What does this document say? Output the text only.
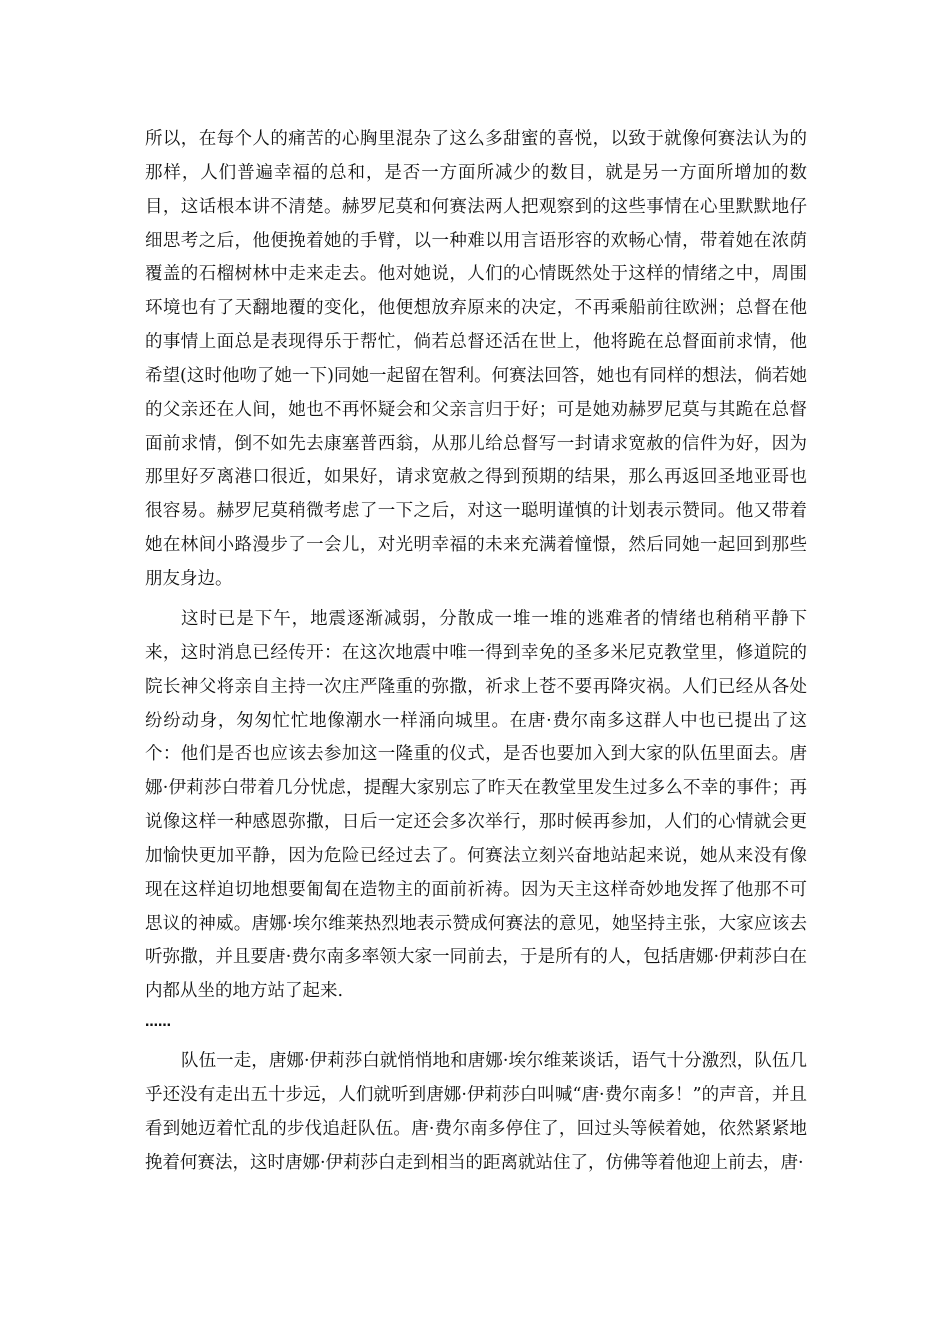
所以，在每个人的痛苦的心胸里混杂了这么多甜蜜的喜悦，以致于就像何赛法认为的那样，人们普遍幸福的总和，是否一方面所减少的数目，就是另一方面所增加的数目，这话根本讲不清楚。赫罗尼莫和何赛法两人把观察到的这些事情在心里默默地仔细思考之后，他便挽着她的手臂，以一种难以用言语形容的欢畅心情，带着她在浓荫覆盖的石榴树林中走来走去。他对她说，人们的心情既然处于这样的情绪之中，周围环境也有了天翻地覆的变化，他便想放弃原来的决定，不再乘船前往欧洲；总督在他的事情上面总是表现得乐于帮忙，倘若总督还活在世上，他将跪在总督面前求情，他希望(这时他吻了她一下)同她一起留在智利。何赛法回答，她也有同样的想法，倘若她的父亲还在人间，她也不再怀疑会和父亲言归于好；可是她劝赫罗尼莫与其跪在总督面前求情，倒不如先去康塞普西翁，从那儿给总督写一封请求宽赦的信件为好，因为那里好歹离港口很近，如果好，请求宽赦之得到预期的结果，那么再返回圣地亚哥也很容易。赫罗尼莫稍微考虑了一下之后，对这一聪明谨慎的计划表示赞同。他又带着她在林间小路漫步了一会儿，对光明幸福的未来充满着憧憬，然后同她一起回到那些朋友身边。

这时已是下午，地震逐渐减弱，分散成一堆一堆的逃难者的情绪也稍稍平静下来，这时消息已经传开：在这次地震中唯一得到幸免的圣多米尼克教堂里，修道院的院长神父将亲自主持一次庄严隆重的弥撒，祈求上苍不要再降灾祸。人们已经从各处纷纷动身，匆匆忙忙地像潮水一样涌向城里。在唐·费尔南多这群人中也已提出了这个：他们是否也应该去参加这一隆重的仪式，是否也要加入到大家的队伍里面去。唐娜·伊莉莎白带着几分忧虑，提醒大家别忘了昨天在教堂里发生过多么不幸的事件；再说像这样一种感恩弥撒，日后一定还会多次举行，那时候再参加，人们的心情就会更加愉快更加平静，因为危险已经过去了。何赛法立刻兴奋地站起来说，她从来没有像现在这样迫切地想要匍匐在造物主的面前祈祷。因为天主这样奇妙地发挥了他那不可思议的神威。唐娜·埃尔维莱热烈地表示赞成何赛法的意见，她坚持主张，大家应该去听弥撒，并且要唐·费尔南多率领大家一同前去，于是所有的人，包括唐娜·伊莉莎白在内都从坐的地方站了起来.

……

队伍一走，唐娜·伊莉莎白就悄悄地和唐娜·埃尔维莱谈话，语气十分激烈，队伍几乎还没有走出五十步远，人们就听到唐娜·伊莉莎白叫喊“唐·费尔南多！”的声音，并且看到她迈着忙乱的步伐追赶队伍。唐·费尔南多停住了，回过头等候着她，依然紧紧地挽着何赛法，这时唐娜·伊莉莎白走到相当的距离就站住了，仿佛等着他迎上前去，唐·
